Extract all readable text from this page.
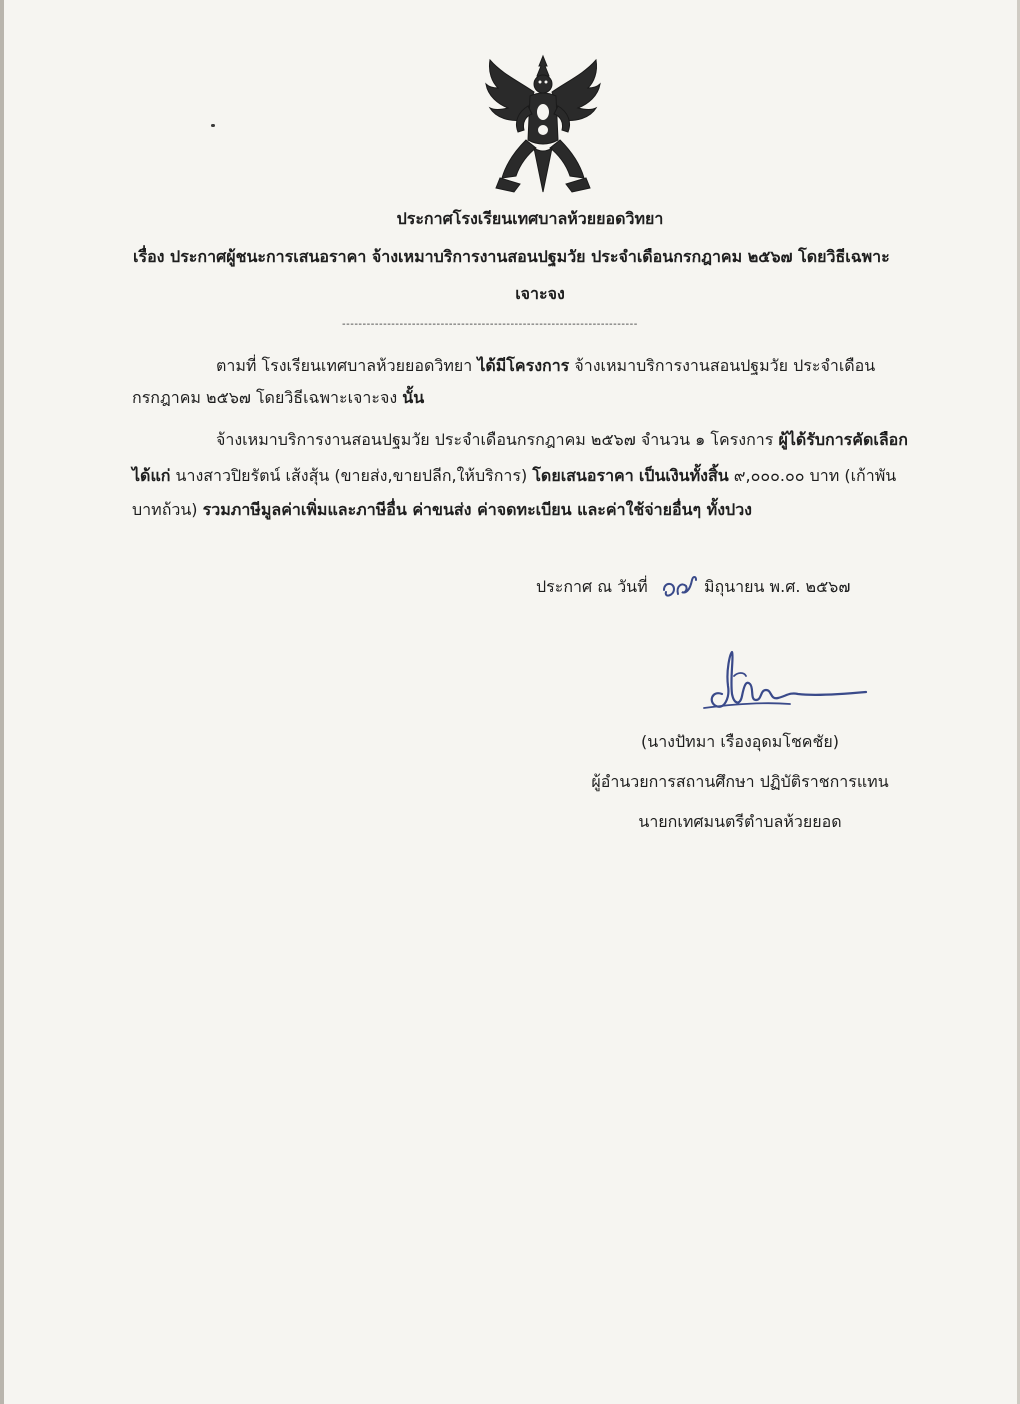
ประกาศโรงเรียนเทศบาลห้วยยอดวิทยา
เรื่อง ประกาศผู้ชนะการเสนอราคา จ้างเหมาบริการงานสอนปฐมวัย ประจำเดือนกรกฎาคม ๒๕๖๗ โดยวิธีเฉพาะ
เจาะจง
------------------------------------------------------------------------
ตามที่ โรงเรียนเทศบาลห้วยยอดวิทยา ได้มีโครงการ จ้างเหมาบริการงานสอนปฐมวัย ประจำเดือน
กรกฎาคม ๒๕๖๗ โดยวิธีเฉพาะเจาะจง นั้น
จ้างเหมาบริการงานสอนปฐมวัย ประจำเดือนกรกฎาคม ๒๕๖๗ จำนวน ๑ โครงการ ผู้ได้รับการคัดเลือก
ได้แก่ นางสาวปิยรัตน์ เส้งสุ้น (ขายส่ง,ขายปลีก,ให้บริการ) โดยเสนอราคา เป็นเงินทั้งสิ้น ๙,๐๐๐.๐๐ บาท (เก้าพัน
บาทถ้วน) รวมภาษีมูลค่าเพิ่มและภาษีอื่น ค่าขนส่ง ค่าจดทะเบียน และค่าใช้จ่ายอื่นๆ ทั้งปวง
ประกาศ ณ วันที่	มิถุนายน พ.ศ. ๒๕๖๗
(นางปัทมา เรืองอุดมโชคชัย)
ผู้อำนวยการสถานศึกษา ปฏิบัติราชการแทน
นายกเทศมนตรีตำบลห้วยยอด
